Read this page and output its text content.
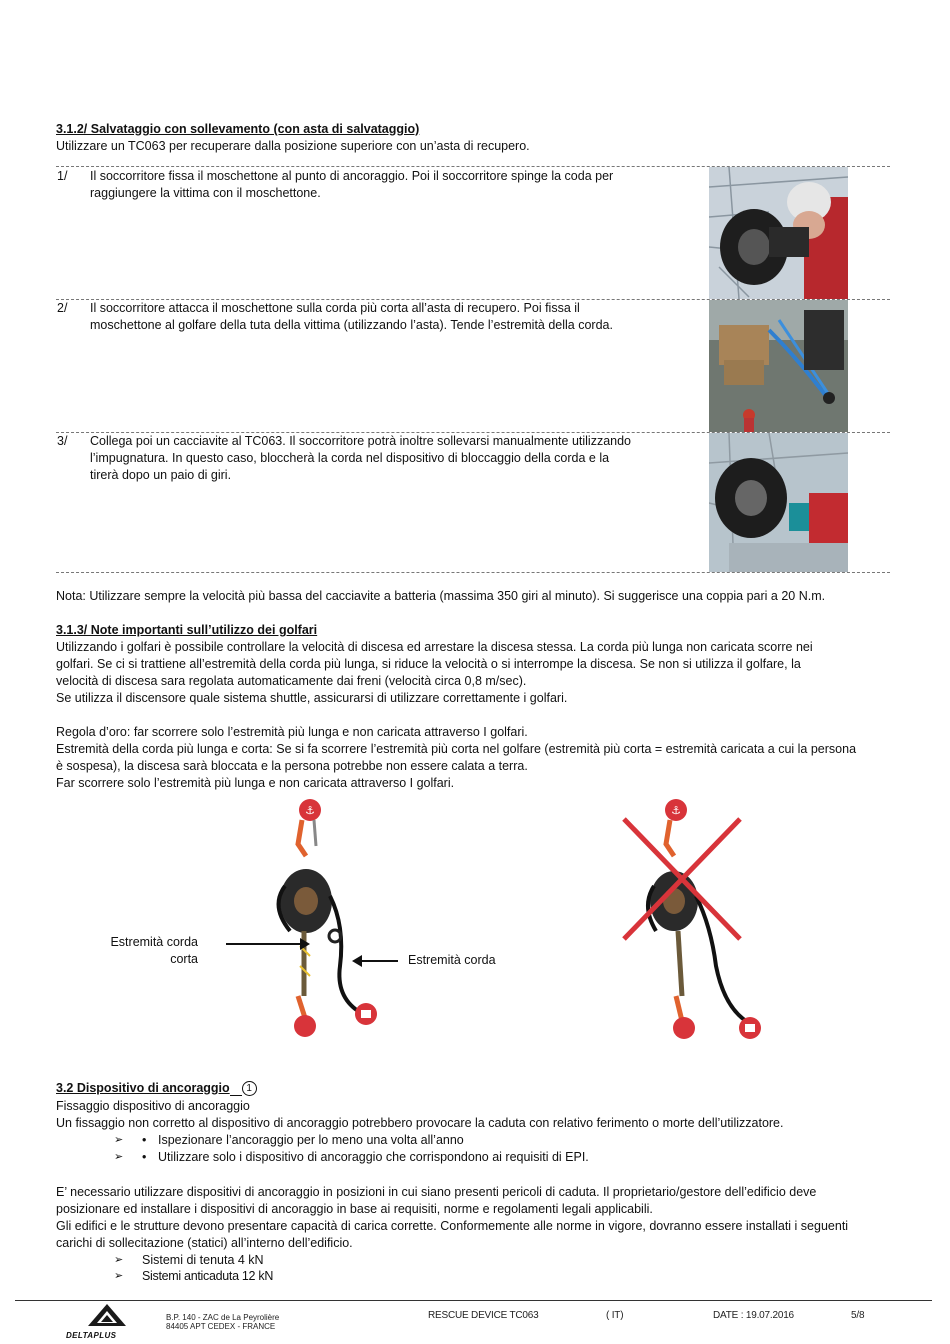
3.1.2/ Salvataggio con sollevamento (con asta di salvataggio)
Utilizzare un TC063 per recuperare dalla posizione superiore con un’asta di recupero.
1/ Il soccorritore fissa il moschettone al punto di ancoraggio. Poi il soccorritore spinge la coda per raggiungere la vittima con il moschettone.
2/ Il soccorritore attacca il moschettone sulla corda più corta all’asta di recupero. Poi fissa il moschettone al golfare della tuta della vittima (utilizzando l’asta). Tende l’estremità della corda.
3/ Collega poi un cacciavite al TC063. Il soccorritore potrà inoltre sollevarsi manualmente utilizzando l’impugnatura. In questo caso, bloccherà la corda nel dispositivo di bloccaggio della corda e la tirerà dopo un paio di giri.
Nota: Utilizzare sempre la velocità più bassa del cacciavite a batteria (massima 350 giri al minuto). Si suggerisce una coppia pari a 20 N.m.
3.1.3/ Note importanti sull’utilizzo dei golfari
Utilizzando i golfari è possibile controllare la velocità di discesa ed arrestare la discesa stessa. La corda più lunga non caricata scorre nei
golfari. Se ci si trattiene all’estremità della corda più lunga, si riduce la velocità o si interrompe la discesa. Se non si utilizza il golfare, la
velocità di discesa sara regolata automaticamente dai freni (velocità circa 0,8 m/sec).
Se utilizza il discensore quale sistema shuttle, assicurarsi di utilizzare correttamente i golfari.
Regola d’oro: far scorrere solo l’estremità più lunga e non caricata attraverso I golfari.
Estremità della corda più lunga e corta: Se si fa scorrere l’estremità più corta nel golfare (estremità più corta = estremità caricata a cui la persona
è sospesa), la discesa sarà bloccata e la persona potrebbe non essere calata a terra.
Far scorrere solo l’estremità più lunga e non caricata attraverso I golfari.
⚓
Estremità corda
corta	Estremità corda
⚓
3.2 Dispositivo di ancoraggio	1
Fissaggio dispositivo di ancoraggio
Un fissaggio non corretto al dispositivo di ancoraggio potrebbero provocare la caduta con relativo ferimento o morte dell’utilizzatore.
➢	• Ispezionare l’ancoraggio per lo meno una volta all’anno
➢	• Utilizzare solo i dispositivo di ancoraggio che corrispondono ai requisiti di EPI.
E’ necessario utilizzare dispositivi di ancoraggio in posizioni in cui siano presenti pericoli di caduta. Il proprietario/gestore dell’edificio deve
posizionare ed installare i dispositivi di ancoraggio in base ai requisiti, norme e regolamenti legali applicabili.
Gli edifici e le strutture devono presentare capacità di carica corrette. Conformemente alle norme in vigore, dovranno essere installati i seguenti
carichi di sollecitazione (statici) all’interno dell’edificio.
➢	Sistemi di tenuta 4 kN
➢	Sistemi anticaduta 12 kN
DELTAPLUS
B.P. 140 - ZAC de La Peyrolière
84405 APT CEDEX - FRANCE
RESCUE DEVICE TC063	( IT)	DATE : 19.07.2016	5/8
